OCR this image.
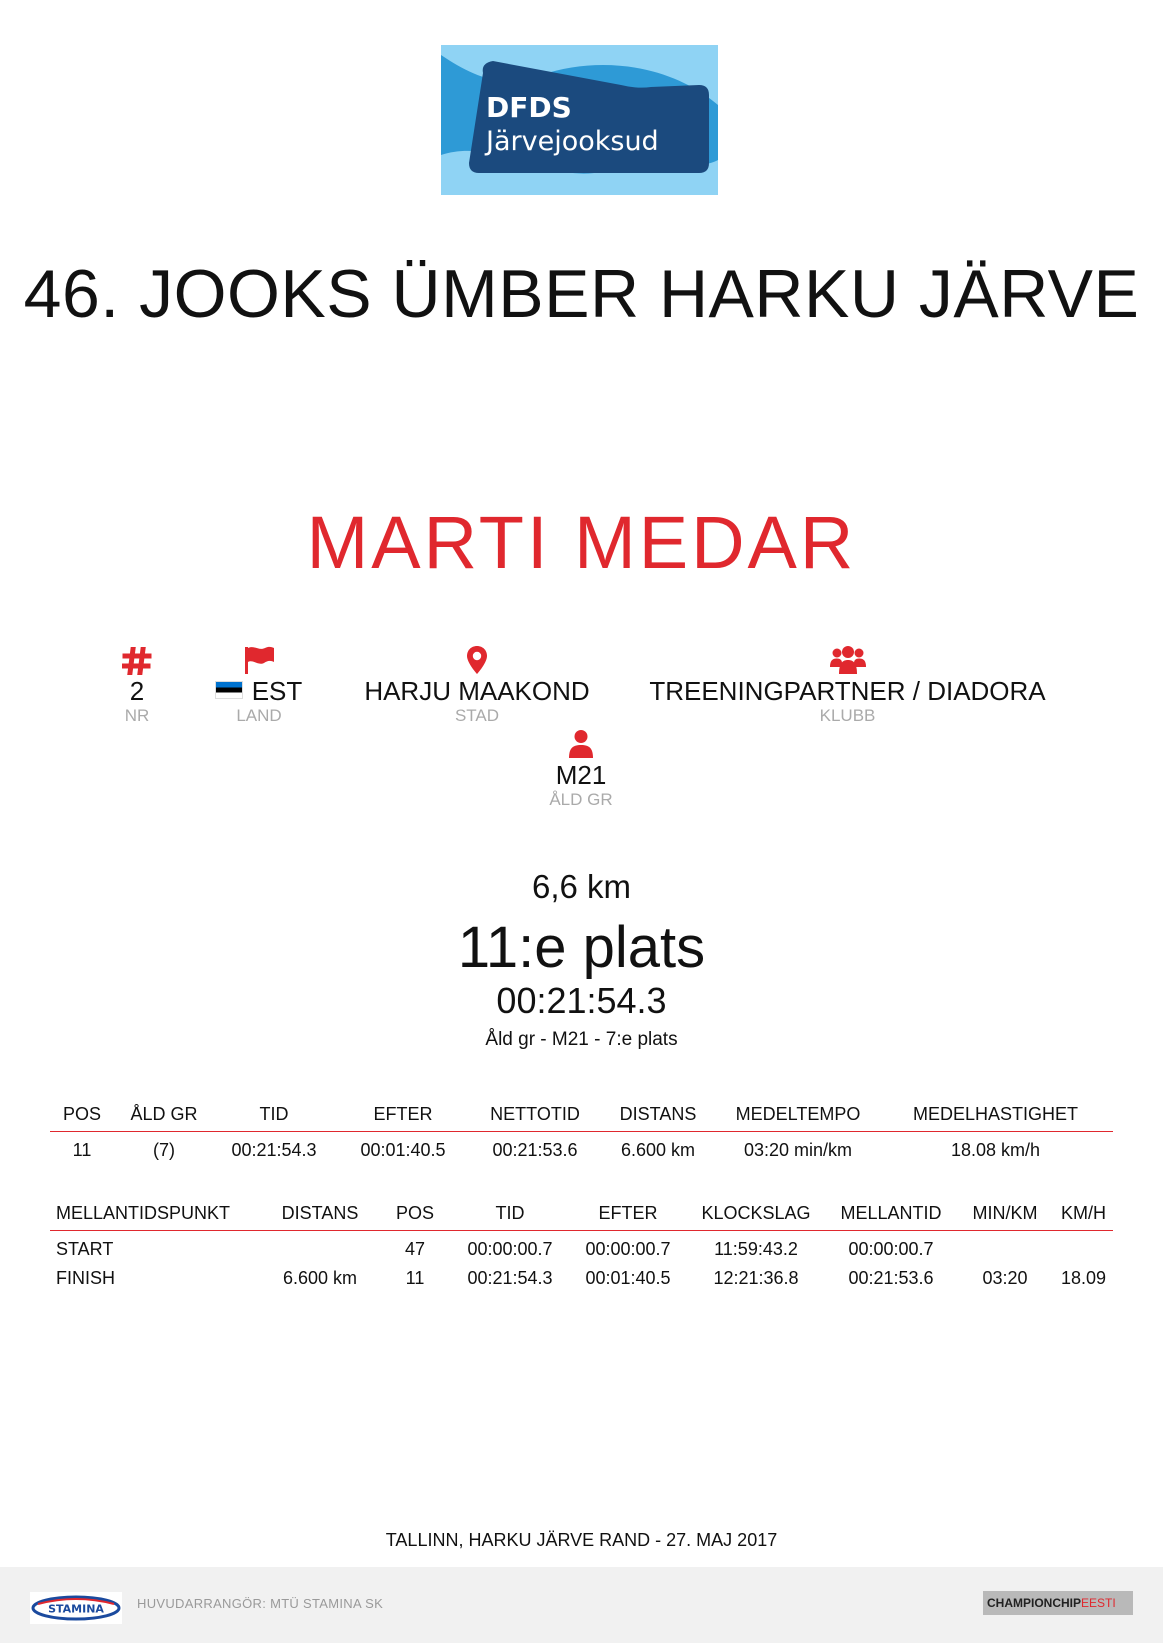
DFDS
Järvejooksud
46. JOOKS ÜMBER HARKU JÄRVE
MARTI MEDAR
2
NR
EST
LAND
HARJU MAAKOND
STAD
TREENINGPARTNER / DIADORA
KLUBB
M21
ÅLD GR
6,6 km
11:e plats
00:21:54.3
Åld gr - M21 - 7:e plats
POS	ÅLD GR	TID	EFTER	NETTOTID	DISTANS	MEDELTEMPO	MEDELHASTIGHET
11	(7)	00:21:54.3	00:01:40.5	00:21:53.6	6.600 km	03:20 min/km	18.08 km/h
MELLANTIDSPUNKT	DISTANS	POS	TID	EFTER	KLOCKSLAG	MELLANTID	MIN/KM	KM/H
START		47	00:00:00.7	00:00:00.7	11:59:43.2	00:00:00.7		
FINISH	6.600 km	11	00:21:54.3	00:01:40.5	12:21:36.8	00:21:53.6	03:20	18.09
TALLINN, HARKU JÄRVE RAND - 27. MAJ 2017
STAMINA	HUVUDARRANGÖR: MTÜ STAMINA SK	CHAMPIONCHIPEESTI
